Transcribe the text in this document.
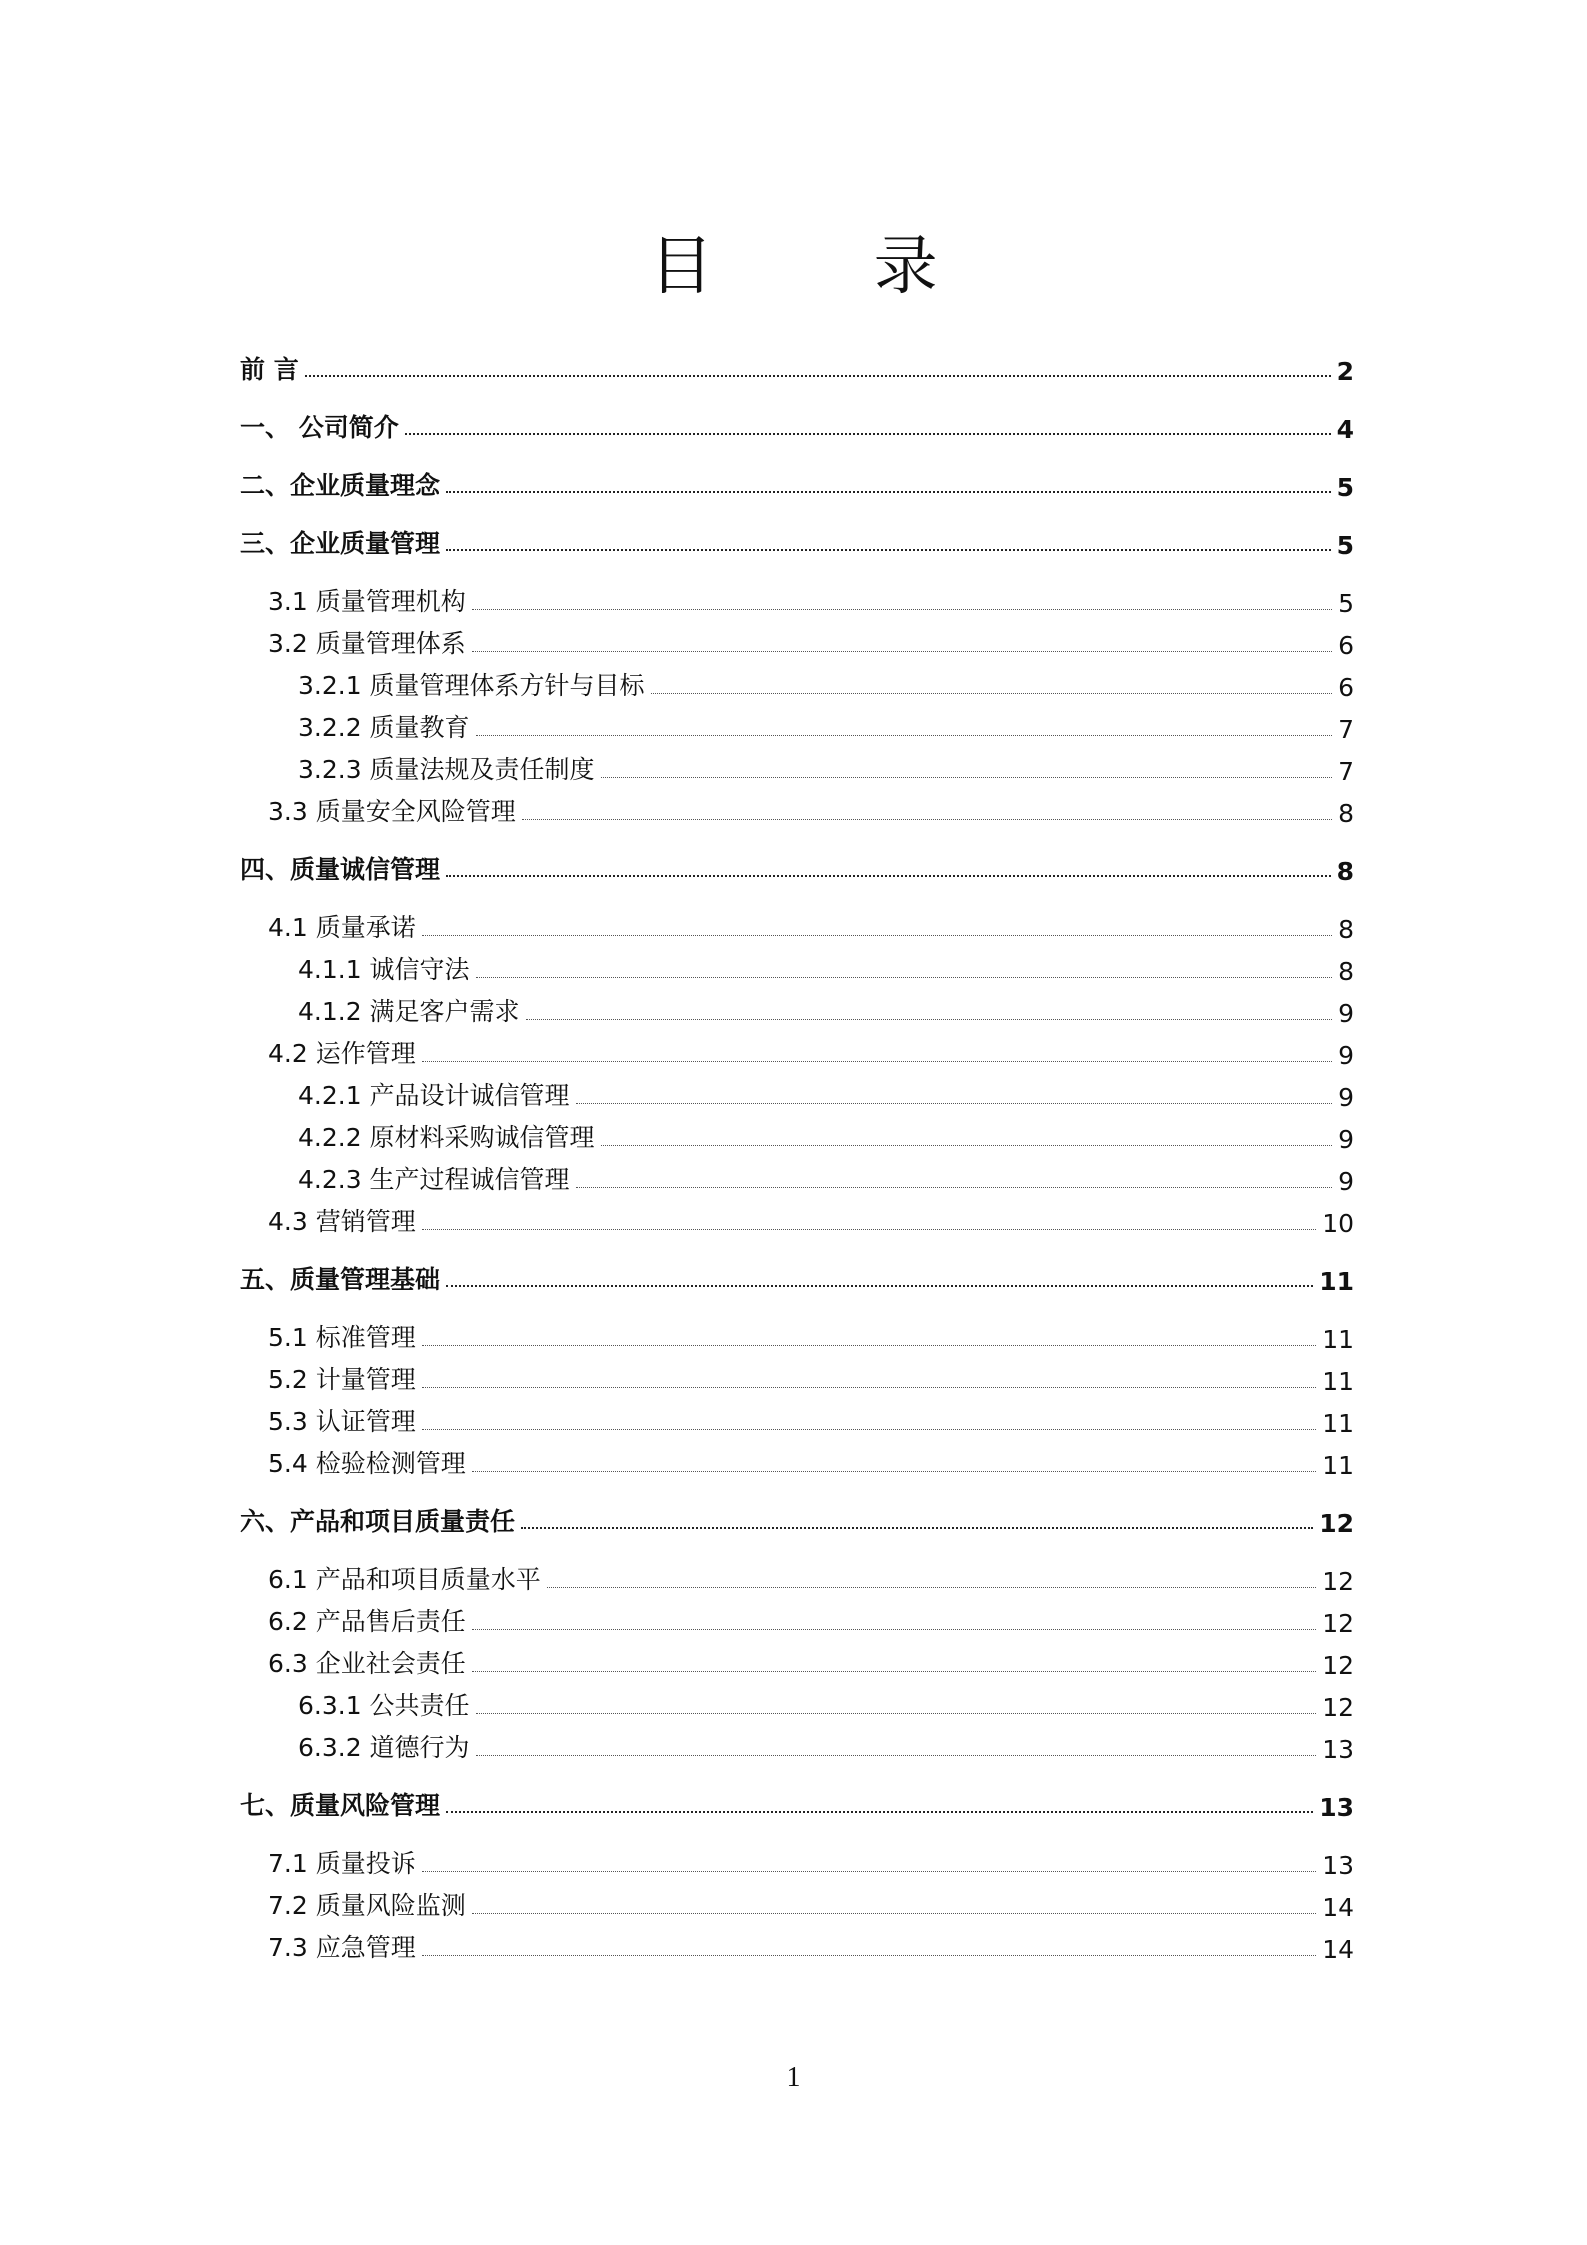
目 录
前 言	2
一、 公司简介	4
二、企业质量理念	5
三、企业质量管理	5
3.1 质量管理机构	5
3.2 质量管理体系	6
3.2.1 质量管理体系方针与目标	6
3.2.2 质量教育	7
3.2.3 质量法规及责任制度	7
3.3 质量安全风险管理	8
四、质量诚信管理	8
4.1 质量承诺	8
4.1.1 诚信守法	8
4.1.2 满足客户需求	9
4.2 运作管理	9
4.2.1 产品设计诚信管理	9
4.2.2 原材料采购诚信管理	9
4.2.3 生产过程诚信管理	9
4.3 营销管理	10
五、质量管理基础	11
5.1 标准管理	11
5.2 计量管理	11
5.3 认证管理	11
5.4 检验检测管理	11
六、产品和项目质量责任	12
6.1 产品和项目质量水平	12
6.2 产品售后责任	12
6.3 企业社会责任	12
6.3.1 公共责任	12
6.3.2 道德行为	13
七、质量风险管理	13
7.1 质量投诉	13
7.2 质量风险监测	14
7.3 应急管理	14
1
